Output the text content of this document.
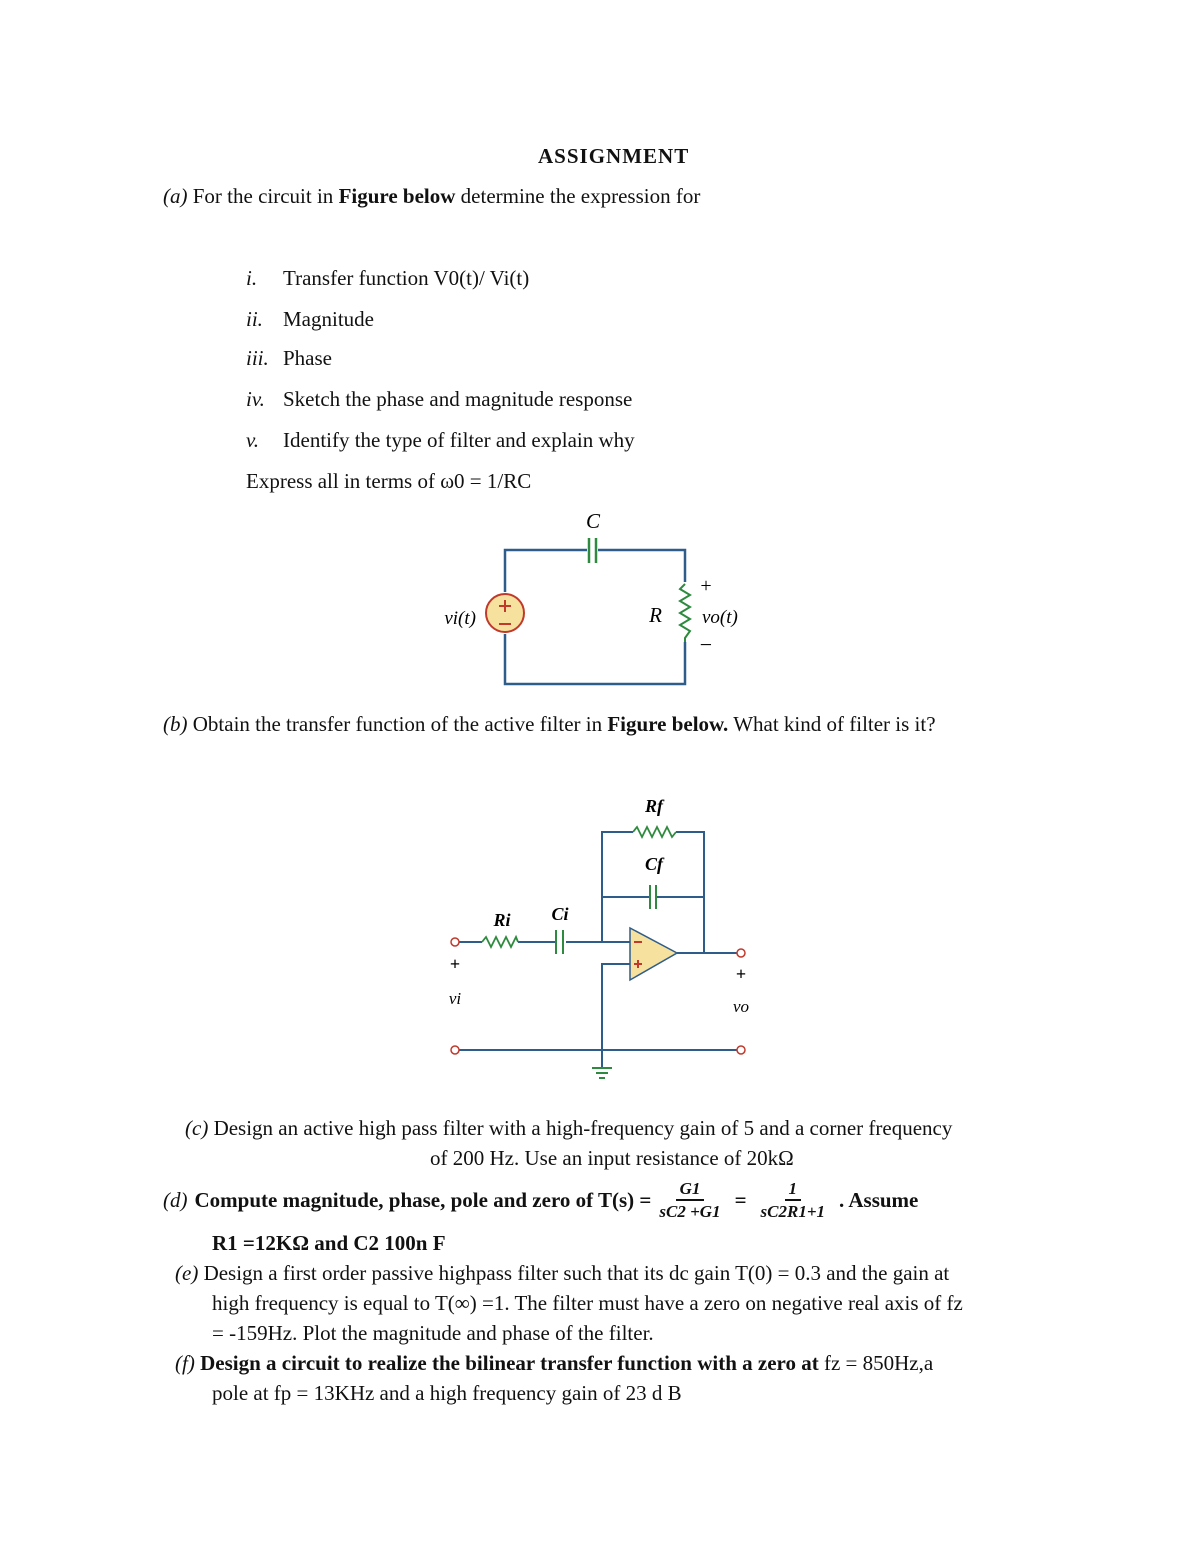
ASSIGNMENT
(a) For the circuit in Figure below determine the expression for
i. Transfer function V0(t)/ Vi(t)
ii. Magnitude
iii. Phase
iv. Sketch the phase and magnitude response
v. Identify the type of filter and explain why
Express all in terms of ω0 = 1/RC
C
R
vi(t)	vo(t)
+
−
(b) Obtain the transfer function of the active filter in Figure below. What kind of filter is it?
Rf
Cf
Ri Ci
+
vi
+
vo
(c) Design an active high pass filter with a high-frequency gain of 5 and a corner frequency
of 200 Hz. Use an input resistance of 20kΩ
(d) Compute magnitude, phase, pole and zero of $T(s) = \frac{G1}{sC2 +G1} = \frac{1}{sC2R1+1}$ . Assume
R1 =12KΩ and C2 100n F
(e) Design a first order passive highpass filter such that its dc gain T(0) = 0.3 and the gain at
high frequency is equal to T(∞) =1. The filter must have a zero on negative real axis of fz
= -159Hz. Plot the magnitude and phase of the filter.
(f) Design a circuit to realize the bilinear transfer function with a zero at fz = 850Hz,a
pole at fp = 13KHz and a high frequency gain of 23 d B
